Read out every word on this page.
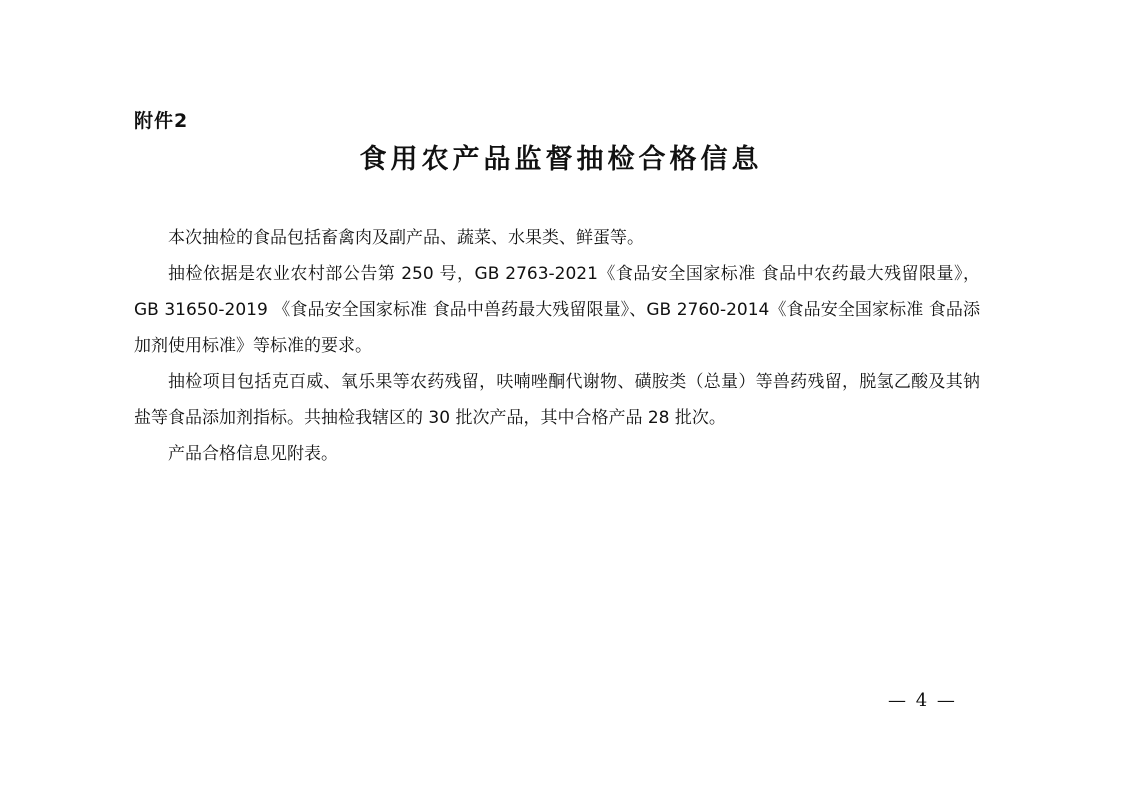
附件2
食用农产品监督抽检合格信息

本次抽检的食品包括畜禽肉及副产品、蔬菜、水果类、鲜蛋等。

抽检依据是农业农村部公告第 250 号，GB 2763-2021《食品安全国家标准 食品中农药最大残留限量》，GB 31650-2019 《食品安全国家标准 食品中兽药最大残留限量》、GB 2760-2014《食品安全国家标准 食品添加剂使用标准》等标准的要求。

抽检项目包括克百威、氧乐果等农药残留，呋喃唑酮代谢物、磺胺类（总量）等兽药残留，脱氢乙酸及其钠盐等食品添加剂指标。共抽检我辖区的 30 批次产品，其中合格产品 28 批次。

产品合格信息见附表。

— 4 —
